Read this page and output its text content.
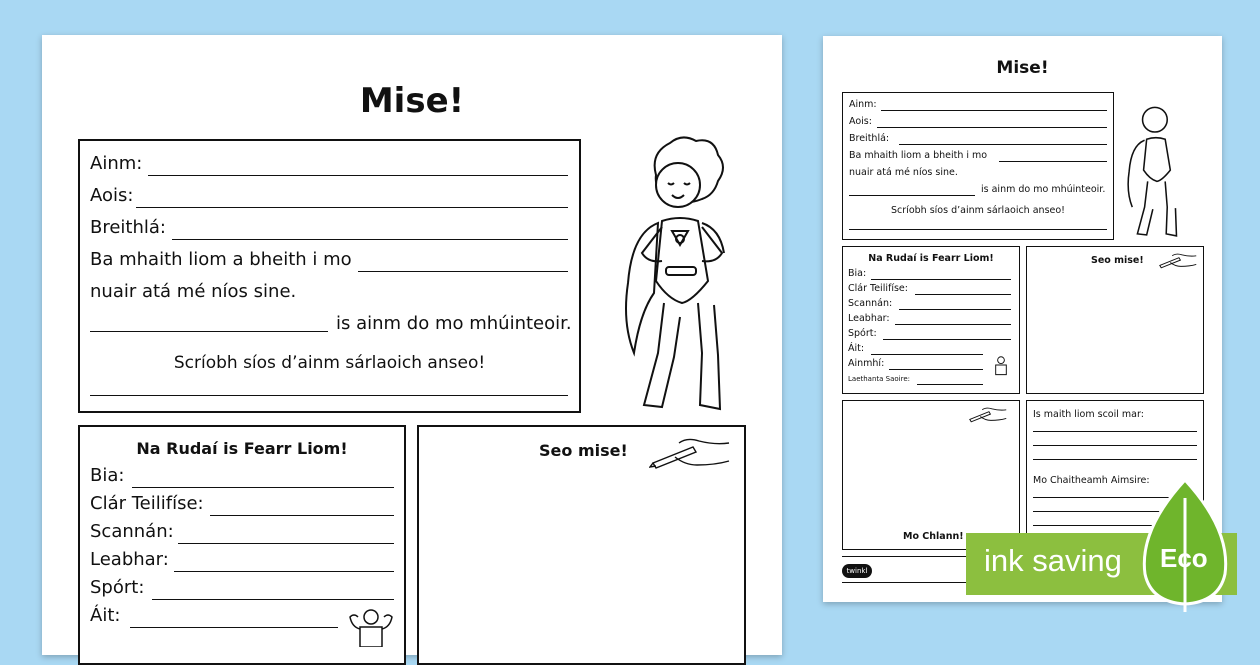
Mise!
Ainm:
Aois:
Breithlá:
Ba mhaith liom a bheith i mo
nuair atá mé níos sine.
is ainm do mo mhúinteoir.
Scríobh síos d’ainm sárlaoich anseo!
Na Rudaí is Fearr Liom!
Bia:
Clár Teilifíse:
Scannán:
Leabhar:
Spórt:
Áit:
Seo mise!
Mise!
Ainm:
Aois:
Breithlá:
Ba mhaith liom a bheith i mo
nuair atá mé níos sine.
is ainm do mo mhúinteoir.
Scríobh síos d’ainm sárlaoich anseo!
Na Rudaí is Fearr Liom!
Bia:
Clár Teilifíse:
Scannán:
Leabhar:
Spórt:
Áit:
Ainmhí:
Laethanta Saoire:
Seo mise!
Mo Chlann!
Is maith liom scoil mar:
Mo Chaitheamh Aimsire:
twinkl	ink saving Eco
